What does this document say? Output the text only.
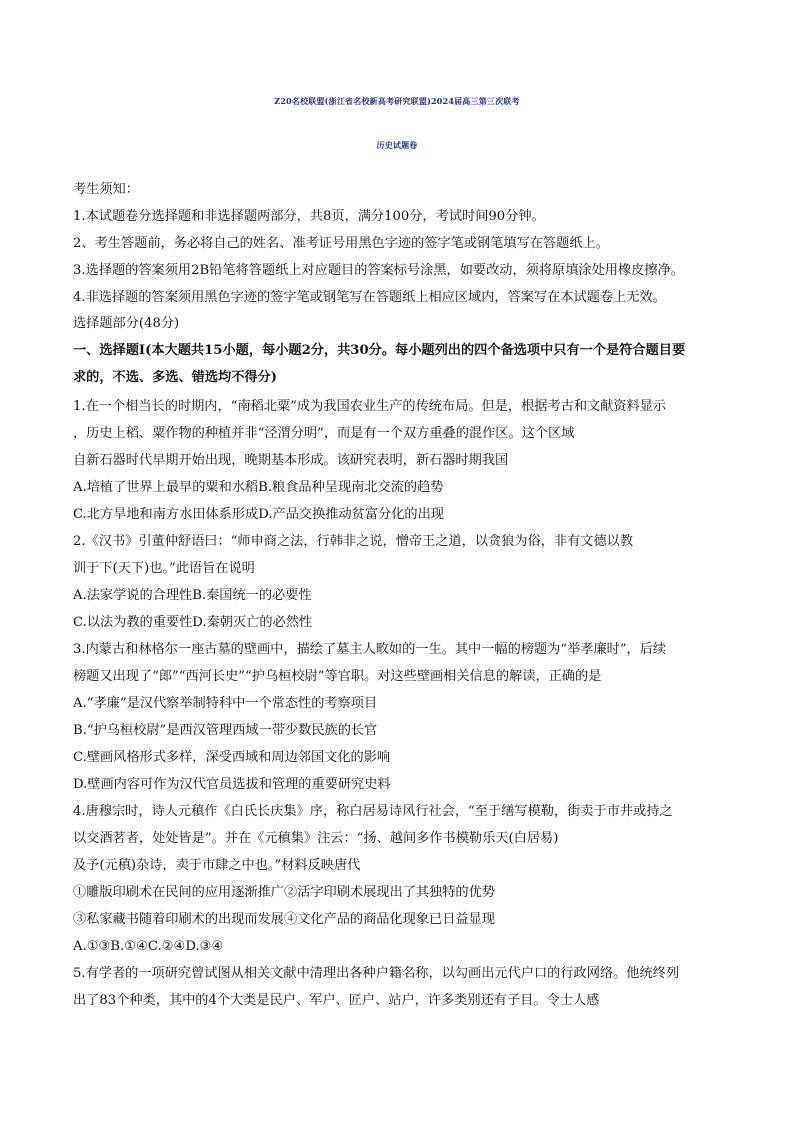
Z20名校联盟(浙江省名校新高考研究联盟)2024届高三第三次联考
历史试题卷
考生须知：
1.本试题卷分选择题和非选择题两部分，共8页，满分100分，考试时间90分钟。
2、考生答题前，务必将自己的姓名、准考证号用黑色字迹的签字笔或钢笔填写在答题纸上。
3.选择题的答案须用2B铅笔将答题纸上对应题目的答案标号涂黑，如要改动，须将原填涂处用橡皮擦净。
4.非选择题的答案须用黑色字迹的签字笔或钢笔写在答题纸上相应区域内，答案写在本试题卷上无效。
选择题部分(48分)
一、选择题Ⅰ(本大题共15小题，每小题2分，共30分。每小题列出的四个备选项中只有一个是符合题目要
求的，不选、多选、错选均不得分)
1.在一个相当长的时期内，“南稻北粟”成为我国农业生产的传统布局。但是，根据考古和文献资料显示
，历史上稻、粟作物的种植并非“泾渭分明”，而是有一个双方重叠的混作区。这个区域
自新石器时代早期开始出现，晚期基本形成。该研究表明，新石器时期我国
A.培植了世界上最早的粟和水稻B.粮食品种呈现南北交流的趋势
C.北方旱地和南方水田体系形成D.产品交换推动贫富分化的出现
2.《汉书》引董仲舒语曰：“师申商之法，行韩非之说，憎帝王之道，以贪狼为俗，非有文德以教
训于下(天下)也。”此语旨在说明
A.法家学说的合理性B.秦国统一的必要性
C.以法为教的重要性D.秦朝灭亡的必然性
3.内蒙古和林格尔一座古墓的壁画中，描绘了墓主人畋如的一生。其中一幅的榜题为“举孝廉时”，后续
榜题又出现了“郎”“西河长史”“护乌桓校尉”等官职。对这些壁画相关信息的解读，正确的是
A.“孝廉”是汉代察举制特科中一个常态性的考察项目
B.“护乌桓校尉”是西汉管理西域一带少数民族的长官
C.壁画风格形式多样，深受西域和周边邻国文化的影响
D.壁画内容可作为汉代官员选拔和管理的重要研究史料
4.唐穆宗时，诗人元稹作《白氏长庆集》序，称白居易诗风行社会，“至于缮写模勒，街卖于市井或持之
以交酒茗者，处处皆是”。并在《元稹集》注云：“扬、越间多作书模勒乐天(白居易)
及予(元稹)杂诗，卖于市肆之中也。”材料反映唐代
①雕版印刷术在民间的应用逐渐推广②活字印刷术展现出了其独特的优势
③私家藏书随着印刷术的出现而发展④文化产品的商品化现象已日益显现
A.①③B.①④C.②④D.③④
5.有学者的一项研究曾试图从相关文献中清理出各种户籍名称，以勾画出元代户口的行政网络。他统终列
出了83个种类，其中的4个大类是民户、军户、匠户、站户，许多类别还有子目。令士人感
